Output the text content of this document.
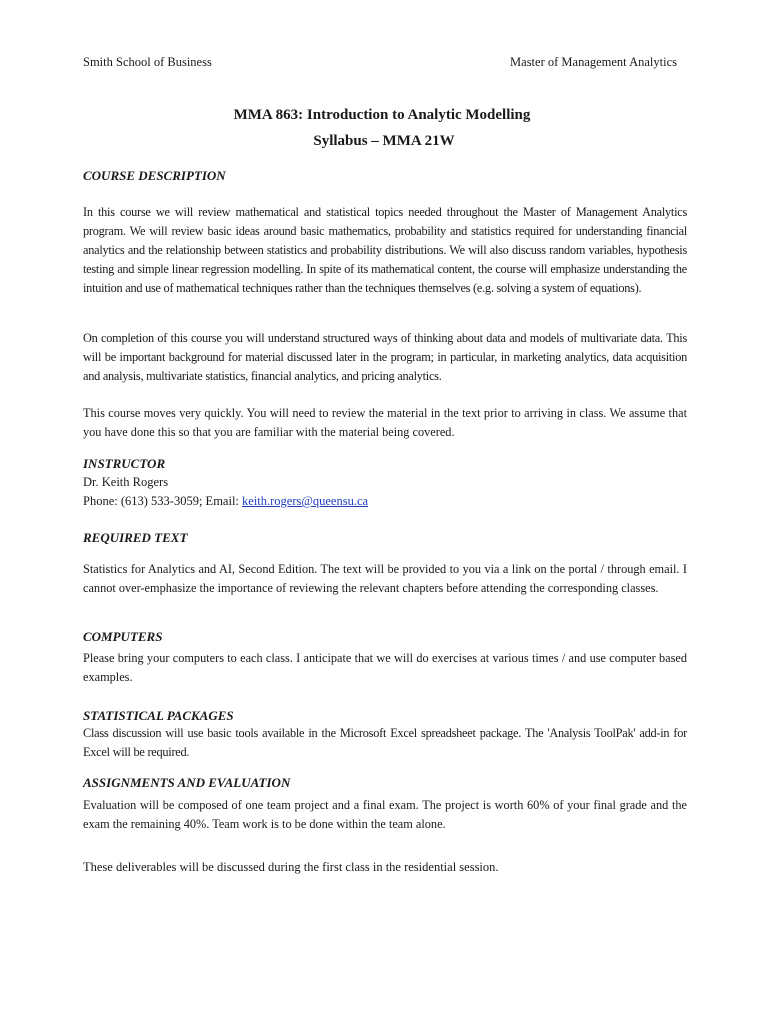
Smith School of Business	Master of Management Analytics
MMA 863: Introduction to Analytic Modelling
Syllabus – MMA 21W
COURSE DESCRIPTION
In this course we will review mathematical and statistical topics needed throughout the Master of Management Analytics program. We will review basic ideas around basic mathematics, probability and statistics required for understanding financial analytics and the relationship between statistics and probability distributions. We will also discuss random variables, hypothesis testing and simple linear regression modelling. In spite of its mathematical content, the course will emphasize understanding the intuition and use of mathematical techniques rather than the techniques themselves (e.g. solving a system of equations).
On completion of this course you will understand structured ways of thinking about data and models of multivariate data. This will be important background for material discussed later in the program; in particular, in marketing analytics, data acquisition and analysis, multivariate statistics, financial analytics, and pricing analytics.
This course moves very quickly. You will need to review the material in the text prior to arriving in class. We assume that you have done this so that you are familiar with the material being covered.
INSTRUCTOR
Dr. Keith Rogers
Phone: (613) 533-3059; Email: keith.rogers@queensu.ca
REQUIRED TEXT
Statistics for Analytics and AI, Second Edition. The text will be provided to you via a link on the portal / through email. I cannot over-emphasize the importance of reviewing the relevant chapters before attending the corresponding classes.
COMPUTERS
Please bring your computers to each class. I anticipate that we will do exercises at various times / and use computer based examples.
STATISTICAL PACKAGES
Class discussion will use basic tools available in the Microsoft Excel spreadsheet package. The 'Analysis ToolPak' add-in for Excel will be required.
ASSIGNMENTS AND EVALUATION
Evaluation will be composed of one team project and a final exam. The project is worth 60% of your final grade and the exam the remaining 40%. Team work is to be done within the team alone.
These deliverables will be discussed during the first class in the residential session.
